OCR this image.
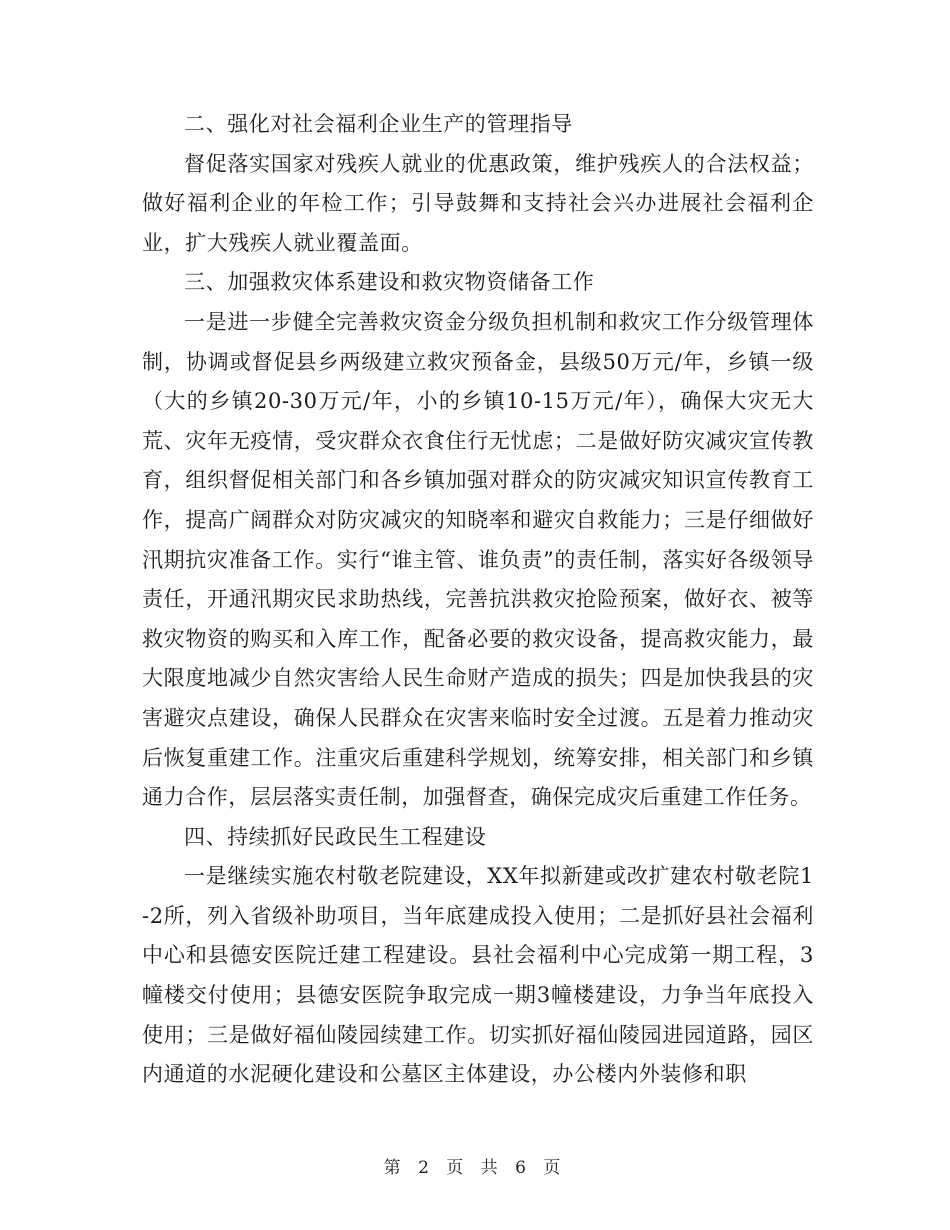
二、强化对社会福利企业生产的管理指导

督促落实国家对残疾人就业的优惠政策，维护残疾人的合法权益；做好福利企业的年检工作；引导鼓舞和支持社会兴办进展社会福利企业，扩大残疾人就业覆盖面。

三、加强救灾体系建设和救灾物资储备工作

一是进一步健全完善救灾资金分级负担机制和救灾工作分级管理体制，协调或督促县乡两级建立救灾预备金，县级50万元/年，乡镇一级（大的乡镇20-30万元/年，小的乡镇10-15万元/年），确保大灾无大荒、灾年无疫情，受灾群众衣食住行无忧虑；二是做好防灾减灾宣传教育，组织督促相关部门和各乡镇加强对群众的防灾减灾知识宣传教育工作，提高广阔群众对防灾减灾的知晓率和避灾自救能力；三是仔细做好汛期抗灾准备工作。实行“谁主管、谁负责”的责任制，落实好各级领导责任，开通汛期灾民求助热线，完善抗洪救灾抢险预案，做好衣、被等救灾物资的购买和入库工作，配备必要的救灾设备，提高救灾能力，最大限度地减少自然灾害给人民生命财产造成的损失；四是加快我县的灾害避灾点建设，确保人民群众在灾害来临时安全过渡。五是着力推动灾后恢复重建工作。注重灾后重建科学规划，统筹安排，相关部门和乡镇通力合作，层层落实责任制，加强督查，确保完成灾后重建工作任务。

四、持续抓好民政民生工程建设

一是继续实施农村敬老院建设，XX年拟新建或改扩建农村敬老院1-2所，列入省级补助项目，当年底建成投入使用；二是抓好县社会福利中心和县德安医院迁建工程建设。县社会福利中心完成第一期工程，3幢楼交付使用；县德安医院争取完成一期3幢楼建设，力争当年底投入使用；三是做好福仙陵园续建工作。切实抓好福仙陵园进园道路，园区内通道的水泥硬化建设和公墓区主体建设，办公楼内外装修和职

第 2 页 共 6 页
